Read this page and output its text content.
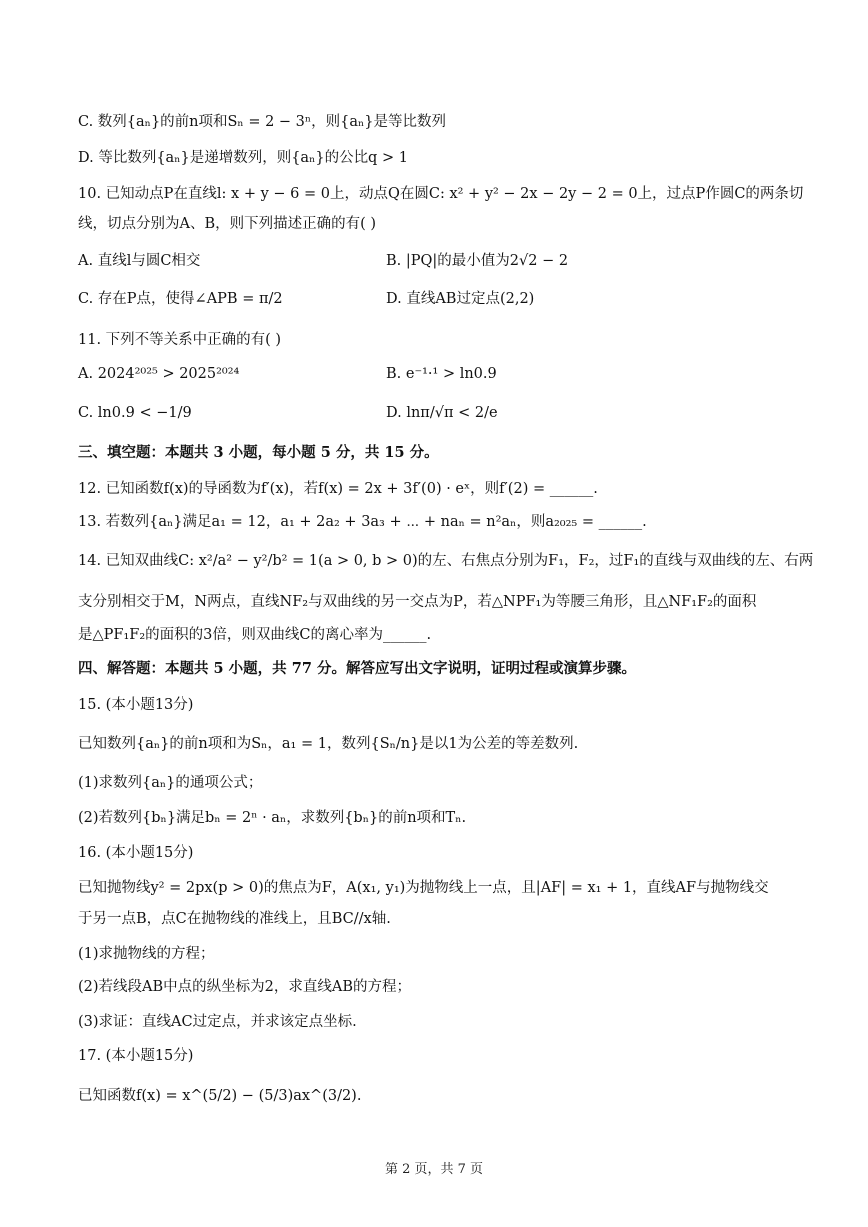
C. 数列{aₙ}的前n项和Sₙ = 2 − 3ⁿ，则{aₙ}是等比数列
D. 等比数列{aₙ}是递增数列，则{aₙ}的公比q > 1
10. 已知动点P在直线l: x + y − 6 = 0上，动点Q在圆C: x² + y² − 2x − 2y − 2 = 0上，过点P作圆C的两条切
线，切点分别为A、B，则下列描述正确的有( )
A. 直线l与圆C相交	B. |PQ|的最小值为2√2 − 2
C. 存在P点，使得∠APB = π/2	D. 直线AB过定点(2,2)
11. 下列不等关系中正确的有( )
A. 2024²⁰²⁵ > 2025²⁰²⁴	B. e⁻¹·¹ > ln0.9
C. ln0.9 < −1/9	D. lnπ/√π < 2/e
三、填空题：本题共 3 小题，每小题 5 分，共 15 分。
12. 已知函数f(x)的导函数为f′(x)，若f(x) = 2x + 3f′(0) · eˣ，则f′(2) = ______.
13. 若数列{aₙ}满足a₁ = 12，a₁ + 2a₂ + 3a₃ + ⋯ + naₙ = n²aₙ，则a₂₀₂₅ = ______.
14. 已知双曲线C: x²/a² − y²/b² = 1(a > 0, b > 0)的左、右焦点分别为F₁，F₂，过F₁的直线与双曲线的左、右两
支分别相交于M，N两点，直线NF₂与双曲线的另一交点为P，若△NPF₁为等腰三角形，且△NF₁F₂的面积
是△PF₁F₂的面积的3倍，则双曲线C的离心率为______.
四、解答题：本题共 5 小题，共 77 分。解答应写出文字说明，证明过程或演算步骤。
15. (本小题13分)
已知数列{aₙ}的前n项和为Sₙ，a₁ = 1，数列{Sₙ/n}是以1为公差的等差数列.
(1)求数列{aₙ}的通项公式；
(2)若数列{bₙ}满足bₙ = 2ⁿ · aₙ，求数列{bₙ}的前n项和Tₙ.
16. (本小题15分)
已知抛物线y² = 2px(p > 0)的焦点为F，A(x₁, y₁)为抛物线上一点，且|AF| = x₁ + 1，直线AF与抛物线交
于另一点B，点C在抛物线的准线上，且BC//x轴.
(1)求抛物线的方程；
(2)若线段AB中点的纵坐标为2，求直线AB的方程；
(3)求证：直线AC过定点，并求该定点坐标.
17. (本小题15分)
已知函数f(x) = x^(5/2) − (5/3)ax^(3/2).
第 2 页，共 7 页
